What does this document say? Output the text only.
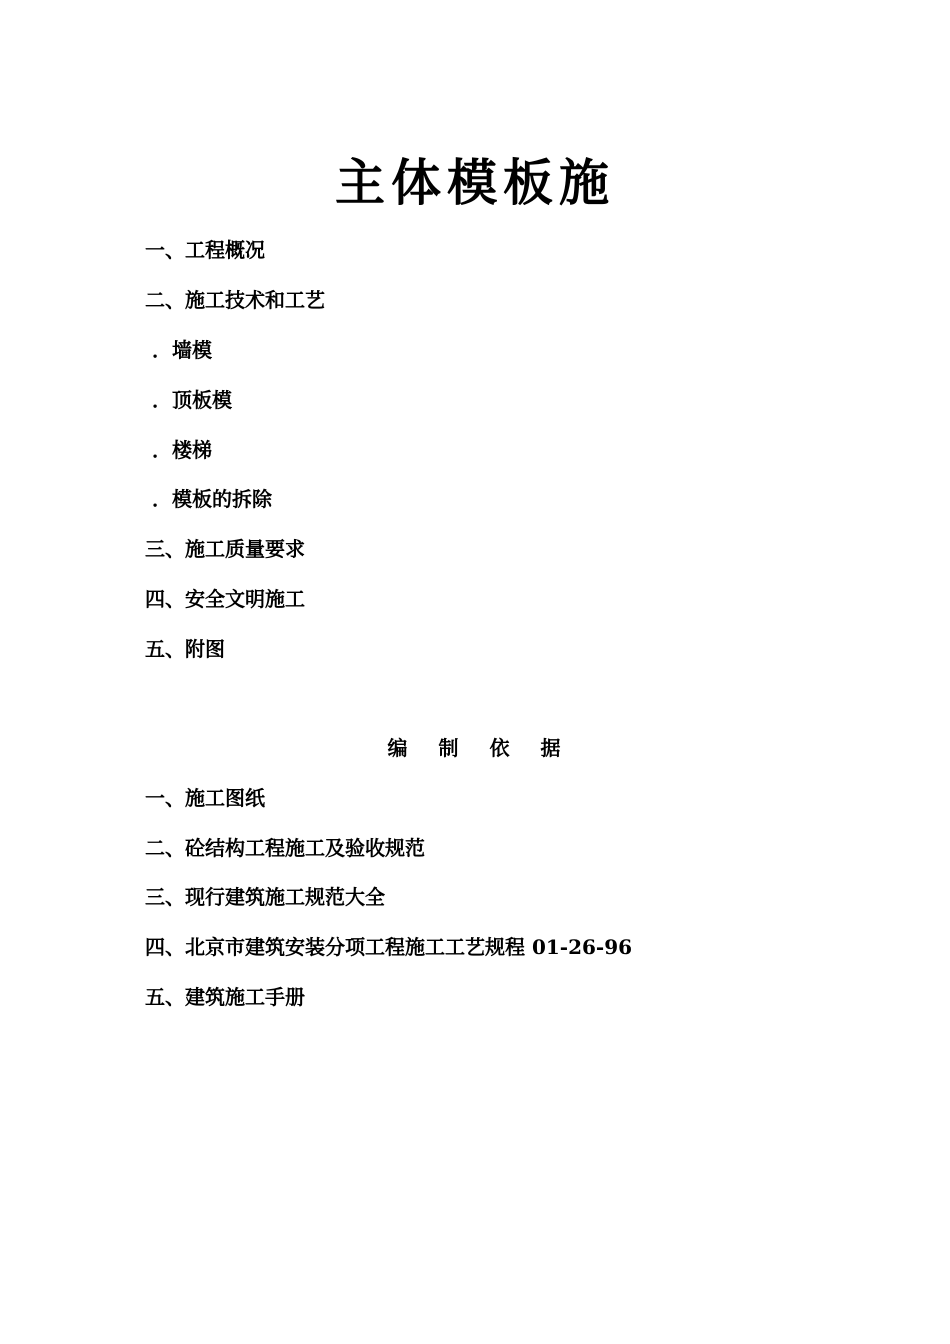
主体模板施
一、工程概况
二、施工技术和工艺
．墙模
．顶板模
．楼梯
．模板的拆除
三、施工质量要求
四、安全文明施工
五、附图
编 制 依 据
一、施工图纸
二、砼结构工程施工及验收规范
三、现行建筑施工规范大全
四、北京市建筑安装分项工程施工工艺规程 01-26-96
五、建筑施工手册
